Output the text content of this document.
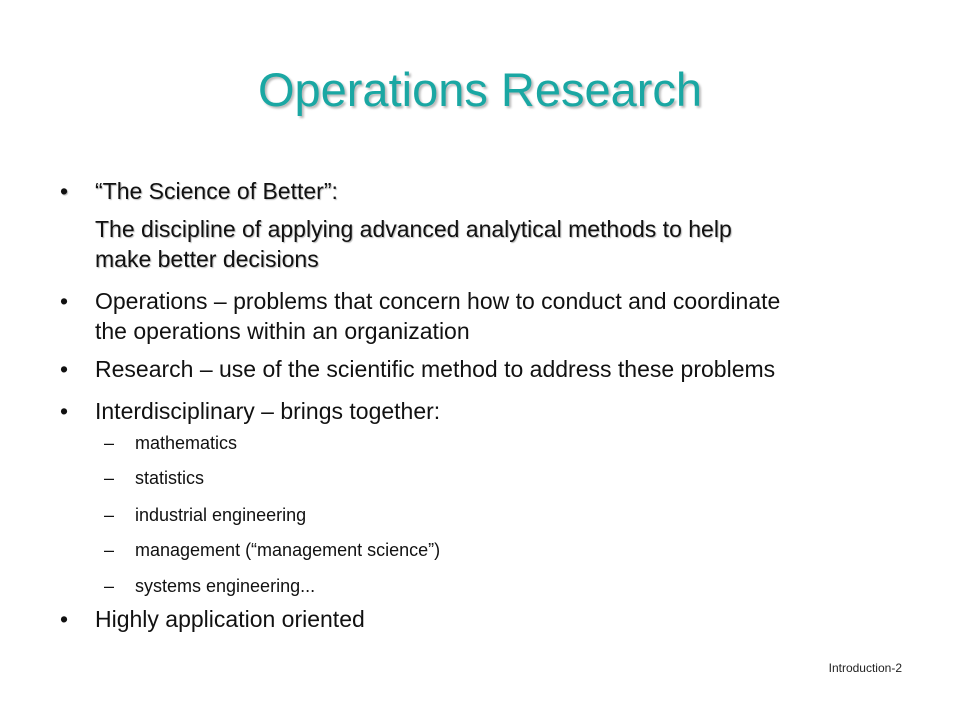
Operations Research
• “The Science of Better”:
The discipline of applying advanced analytical methods to help
make better decisions
• Operations – problems that concern how to conduct and coordinate
the operations within an organization
• Research – use of the scientific method to address these problems
• Interdisciplinary – brings together:
– mathematics
– statistics
– industrial engineering
– management (“management science”)
– systems engineering...
• Highly application oriented
Introduction-2
